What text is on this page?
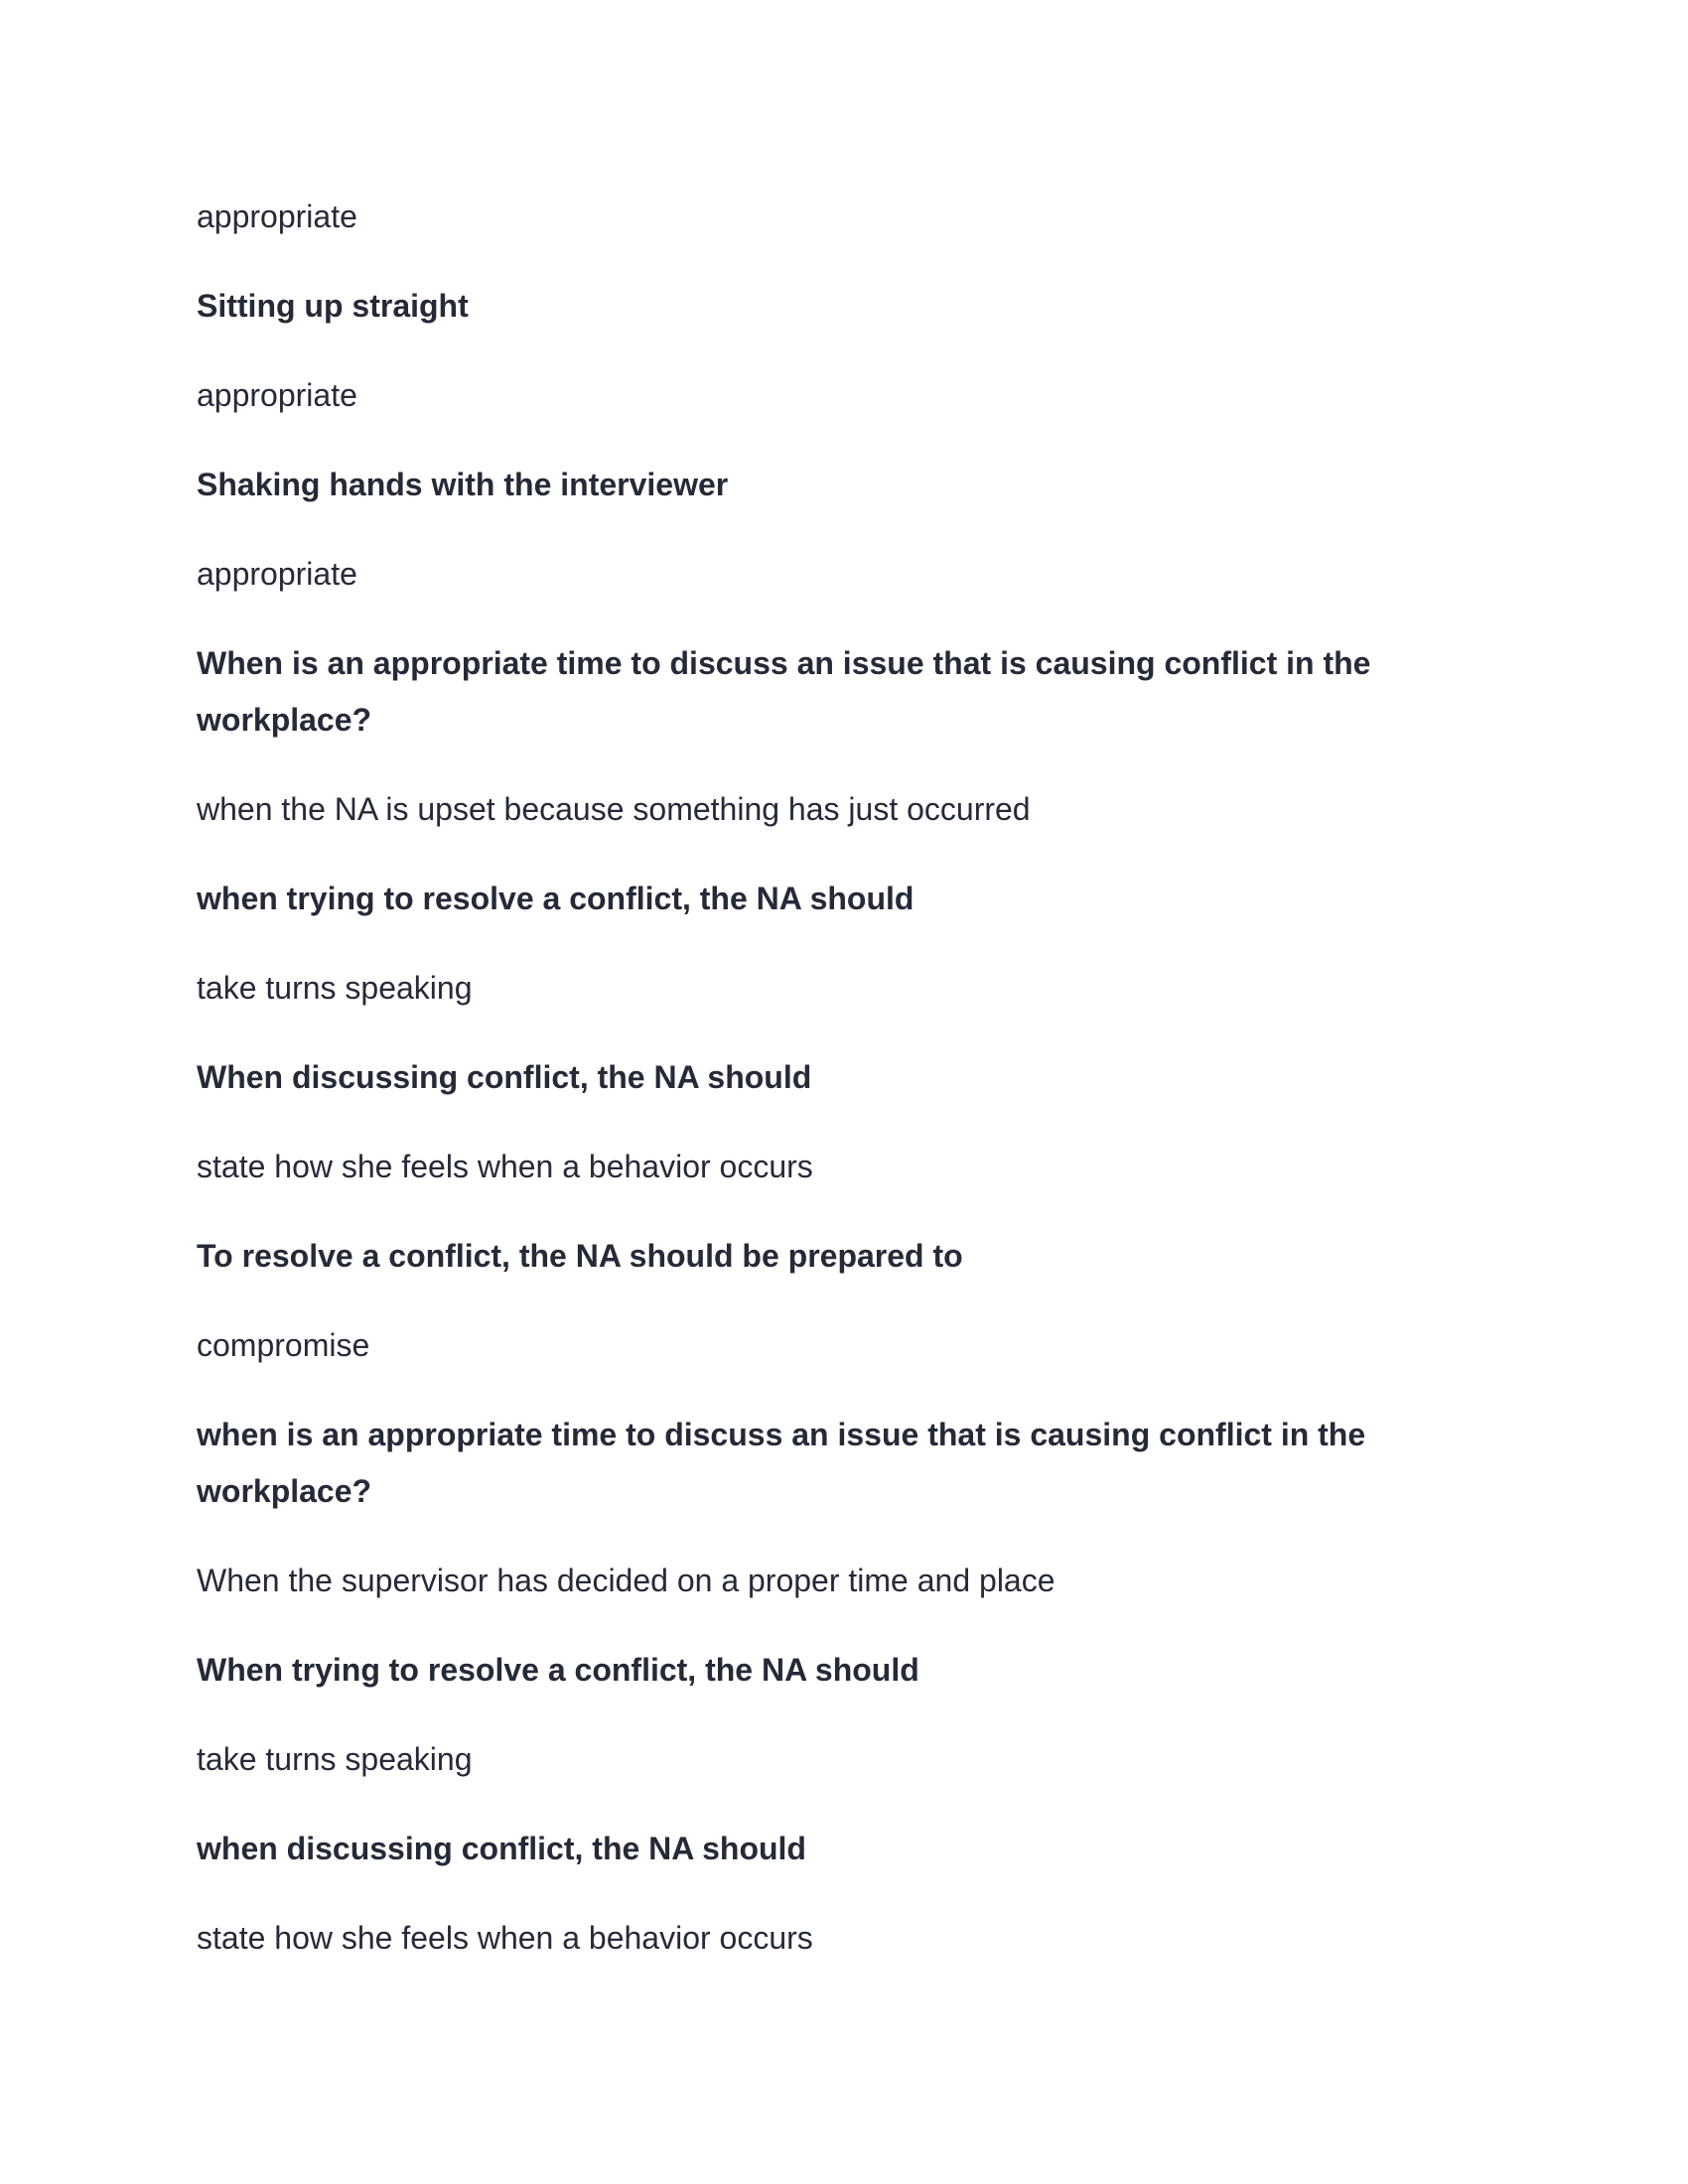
appropriate
Sitting up straight
appropriate
Shaking hands with the interviewer
appropriate
When is an appropriate time to discuss an issue that is causing conflict in the workplace?
when the NA is upset because something has just occurred
when trying to resolve a conflict, the NA should
take turns speaking
When discussing conflict, the NA should
state how she feels when a behavior occurs
To resolve a conflict, the NA should be prepared to
compromise
when is an appropriate time to discuss an issue that is causing conflict in the workplace?
When the supervisor has decided on a proper time and place
When trying to resolve a conflict, the NA should
take turns speaking
when discussing conflict, the NA should
state how she feels when a behavior occurs
